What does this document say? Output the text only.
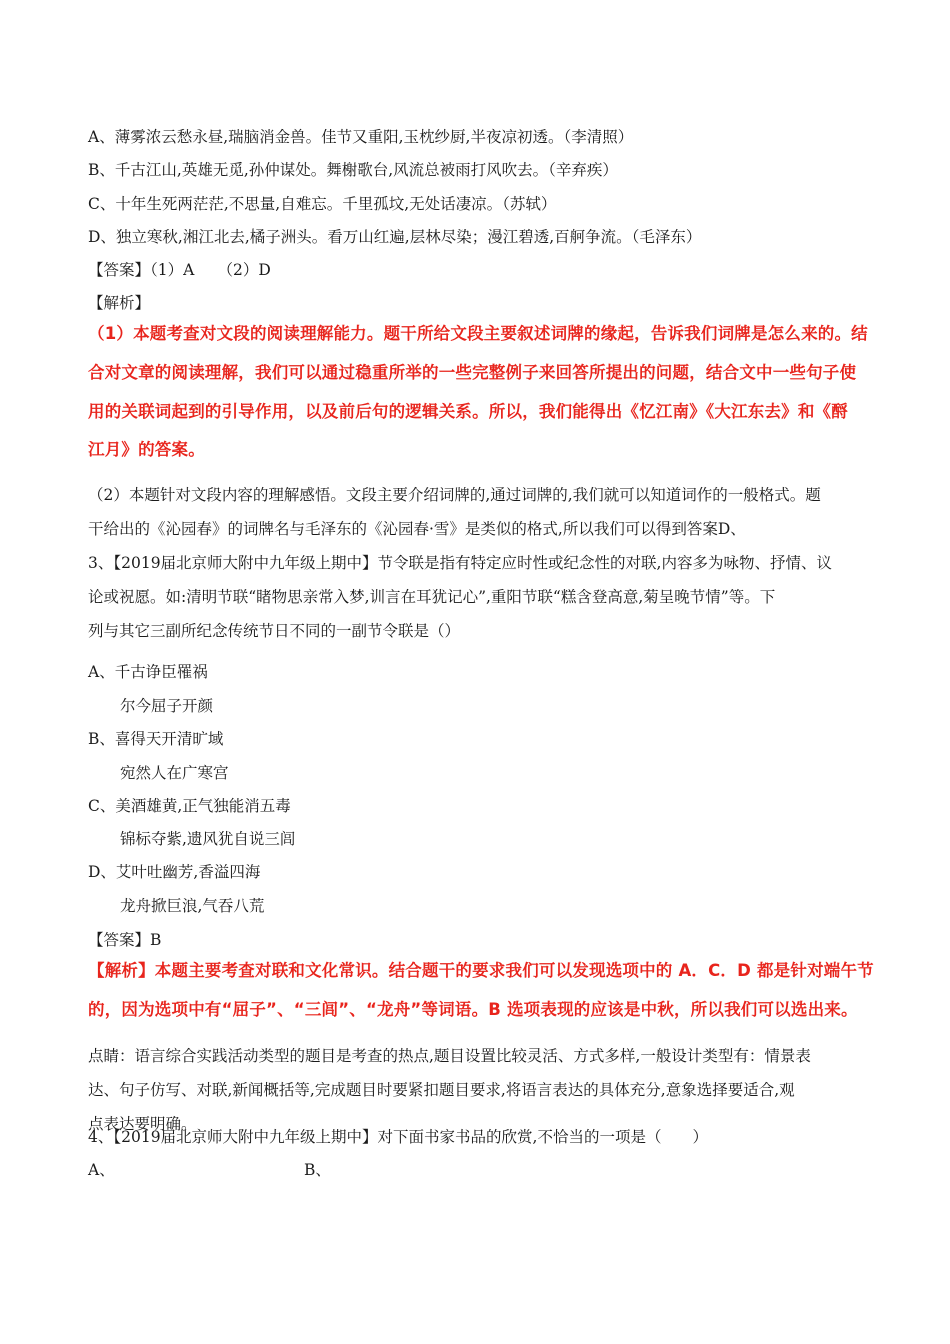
A、薄雾浓云愁永昼,瑞脑消金兽。佳节又重阳,玉枕纱厨,半夜凉初透。（李清照）
B、千古江山,英雄无觅,孙仲谋处。舞榭歌台,风流总被雨打风吹去。（辛弃疾）
C、十年生死两茫茫,不思量,自难忘。千里孤坟,无处话凄凉。（苏轼）
D、独立寒秋,湘江北去,橘子洲头。看万山红遍,层林尽染；漫江碧透,百舸争流。（毛泽东）
【答案】（1）A　　（2）D
【解析】
（1）本题考查对文段的阅读理解能力。题干所给文段主要叙述词牌的缘起，告诉我们词牌是怎么来的。结
合对文章的阅读理解，我们可以通过稳重所举的一些完整例子来回答所提出的问题，结合文中一些句子使
用的关联词起到的引导作用，以及前后句的逻辑关系。所以，我们能得出《忆江南》《大江东去》和《酹
江月》的答案。
（2）本题针对文段内容的理解感悟。文段主要介绍词牌的,通过词牌的,我们就可以知道词作的一般格式。题
干给出的《沁园春》的词牌名与毛泽东的《沁园春·雪》是类似的格式,所以我们可以得到答案D、
3、【2019届北京师大附中九年级上期中】节令联是指有特定应时性或纪念性的对联,内容多为咏物、抒情、议
论或祝愿。如:清明节联“睹物思亲常入梦,训言在耳犹记心”,重阳节联“糕含登高意,菊呈晚节情”等。下
列与其它三副所纪念传统节日不同的一副节令联是（）
A、千古诤臣罹祸
尔今屈子开颜
B、喜得天开清旷域
宛然人在广寒宫
C、美酒雄黄,正气独能消五毒
锦标夺紫,遗风犹自说三闾
D、艾叶吐幽芳,香溢四海
龙舟掀巨浪,气吞八荒
【答案】B
【解析】本题主要考查对联和文化常识。结合题干的要求我们可以发现选项中的 A．C．D 都是针对端午节
的，因为选项中有“屈子”、“三闾”、“龙舟”等词语。B 选项表现的应该是中秋，所以我们可以选出来。
点睛：语言综合实践活动类型的题目是考查的热点,题目设置比较灵活、方式多样,一般设计类型有：情景表
达、句子仿写、对联,新闻概括等,完成题目时要紧扣题目要求,将语言表达的具体充分,意象选择要适合,观
点表达要明确。
4、【2019届北京师大附中九年级上期中】对下面书家书品的欣赏,不恰当的一项是（　　）
A、	B、
